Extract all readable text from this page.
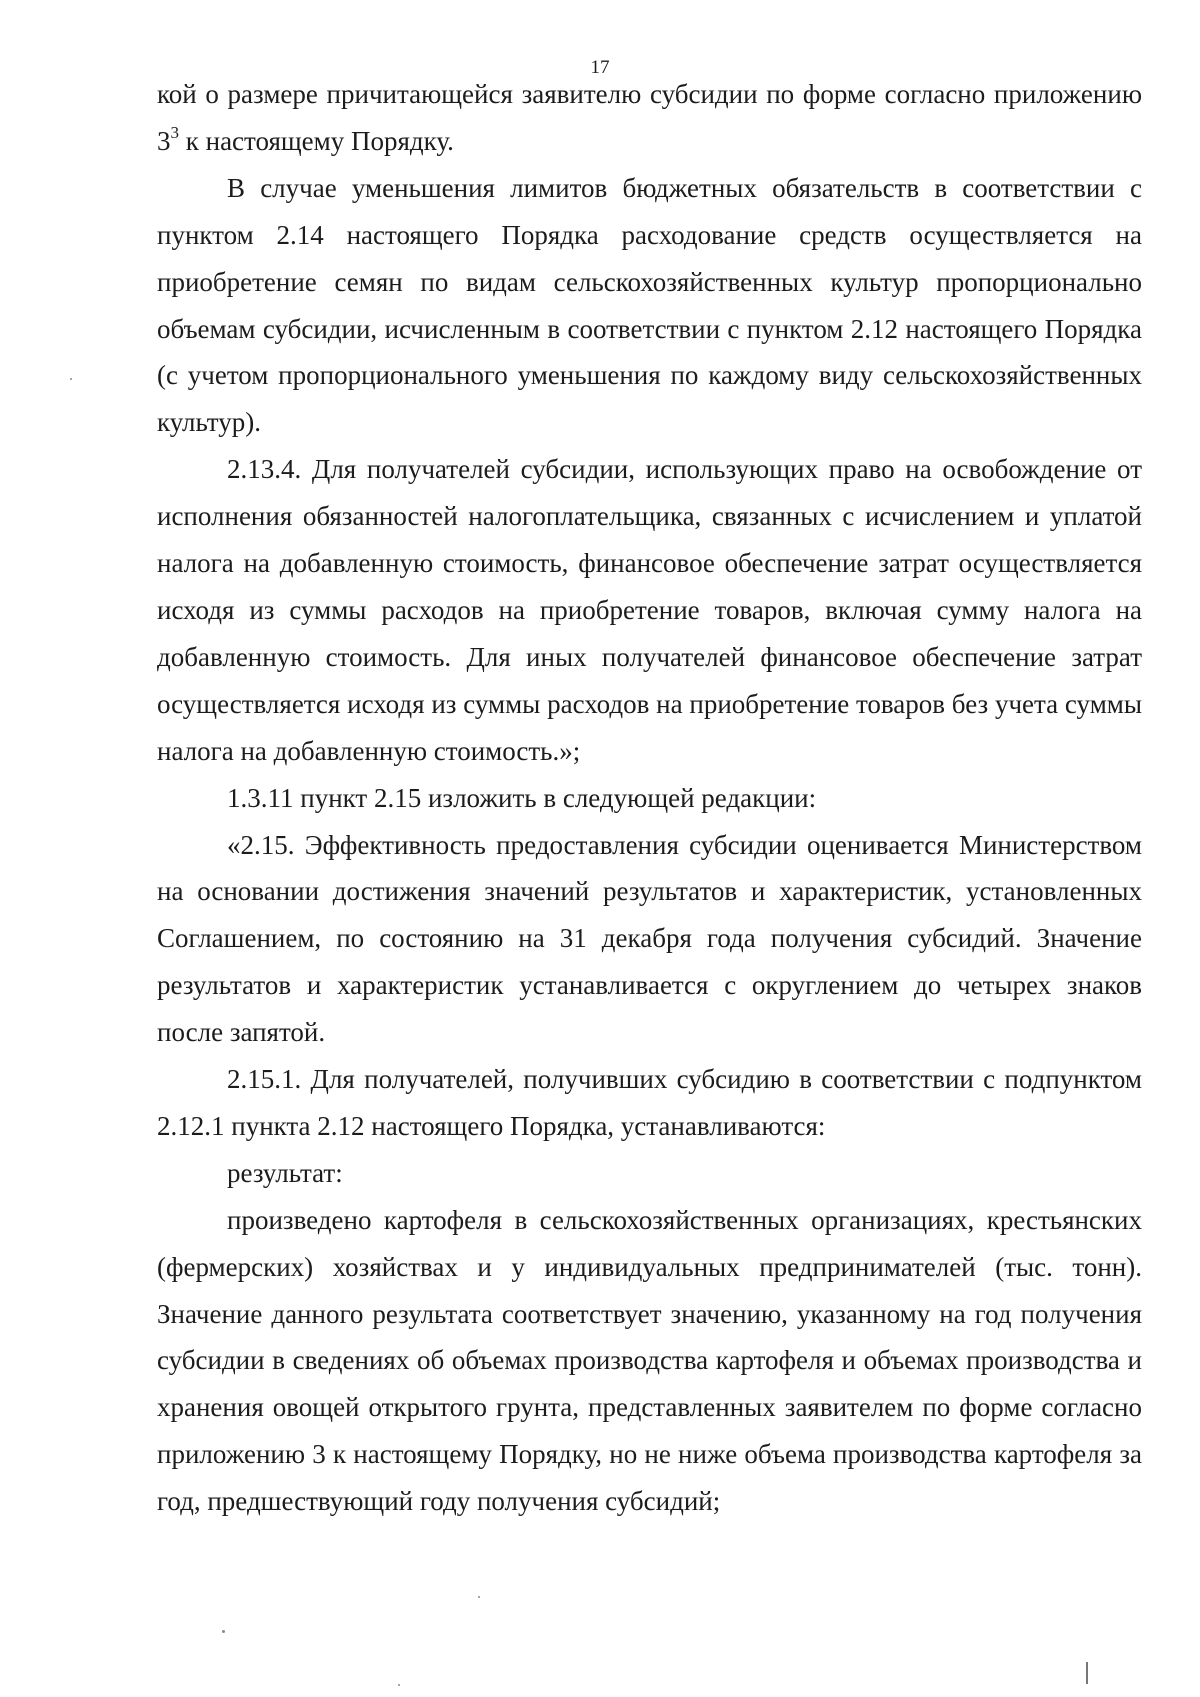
17

кой о размере причитающейся заявителю субсидии по форме согласно приложению $3^3$ к настоящему Порядку.

В случае уменьшения лимитов бюджетных обязательств в соответствии с пунктом 2.14 настоящего Порядка расходование средств осуществляется на приобретение семян по видам сельскохозяйственных культур пропорционально объемам субсидии, исчисленным в соответствии с пунктом 2.12 настоящего Порядка (с учетом пропорционального уменьшения по каждому виду сельскохозяйственных культур).

2.13.4. Для получателей субсидии, использующих право на освобождение от исполнения обязанностей налогоплательщика, связанных с исчислением и уплатой налога на добавленную стоимость, финансовое обеспечение затрат осуществляется исходя из суммы расходов на приобретение товаров, включая сумму налога на добавленную стоимость. Для иных получателей финансовое обеспечение затрат осуществляется исходя из суммы расходов на приобретение товаров без учета суммы налога на добавленную стоимость.»;

1.3.11 пункт 2.15 изложить в следующей редакции:

«2.15. Эффективность предоставления субсидии оценивается Министерством на основании достижения значений результатов и характеристик, установленных Соглашением, по состоянию на 31 декабря года получения субсидий. Значение результатов и характеристик устанавливается с округлением до четырех знаков после запятой.

2.15.1. Для получателей, получивших субсидию в соответствии с подпунктом 2.12.1 пункта 2.12 настоящего Порядка, устанавливаются:

результат:

произведено картофеля в сельскохозяйственных организациях, крестьянских (фермерских) хозяйствах и у индивидуальных предпринимателей (тыс. тонн). Значение данного результата соответствует значению, указанному на год получения субсидии в сведениях об объемах производства картофеля и объемах производства и хранения овощей открытого грунта, представленных заявителем по форме согласно приложению 3 к настоящему Порядку, но не ниже объема производства картофеля за год, предшествующий году получения субсидий;
